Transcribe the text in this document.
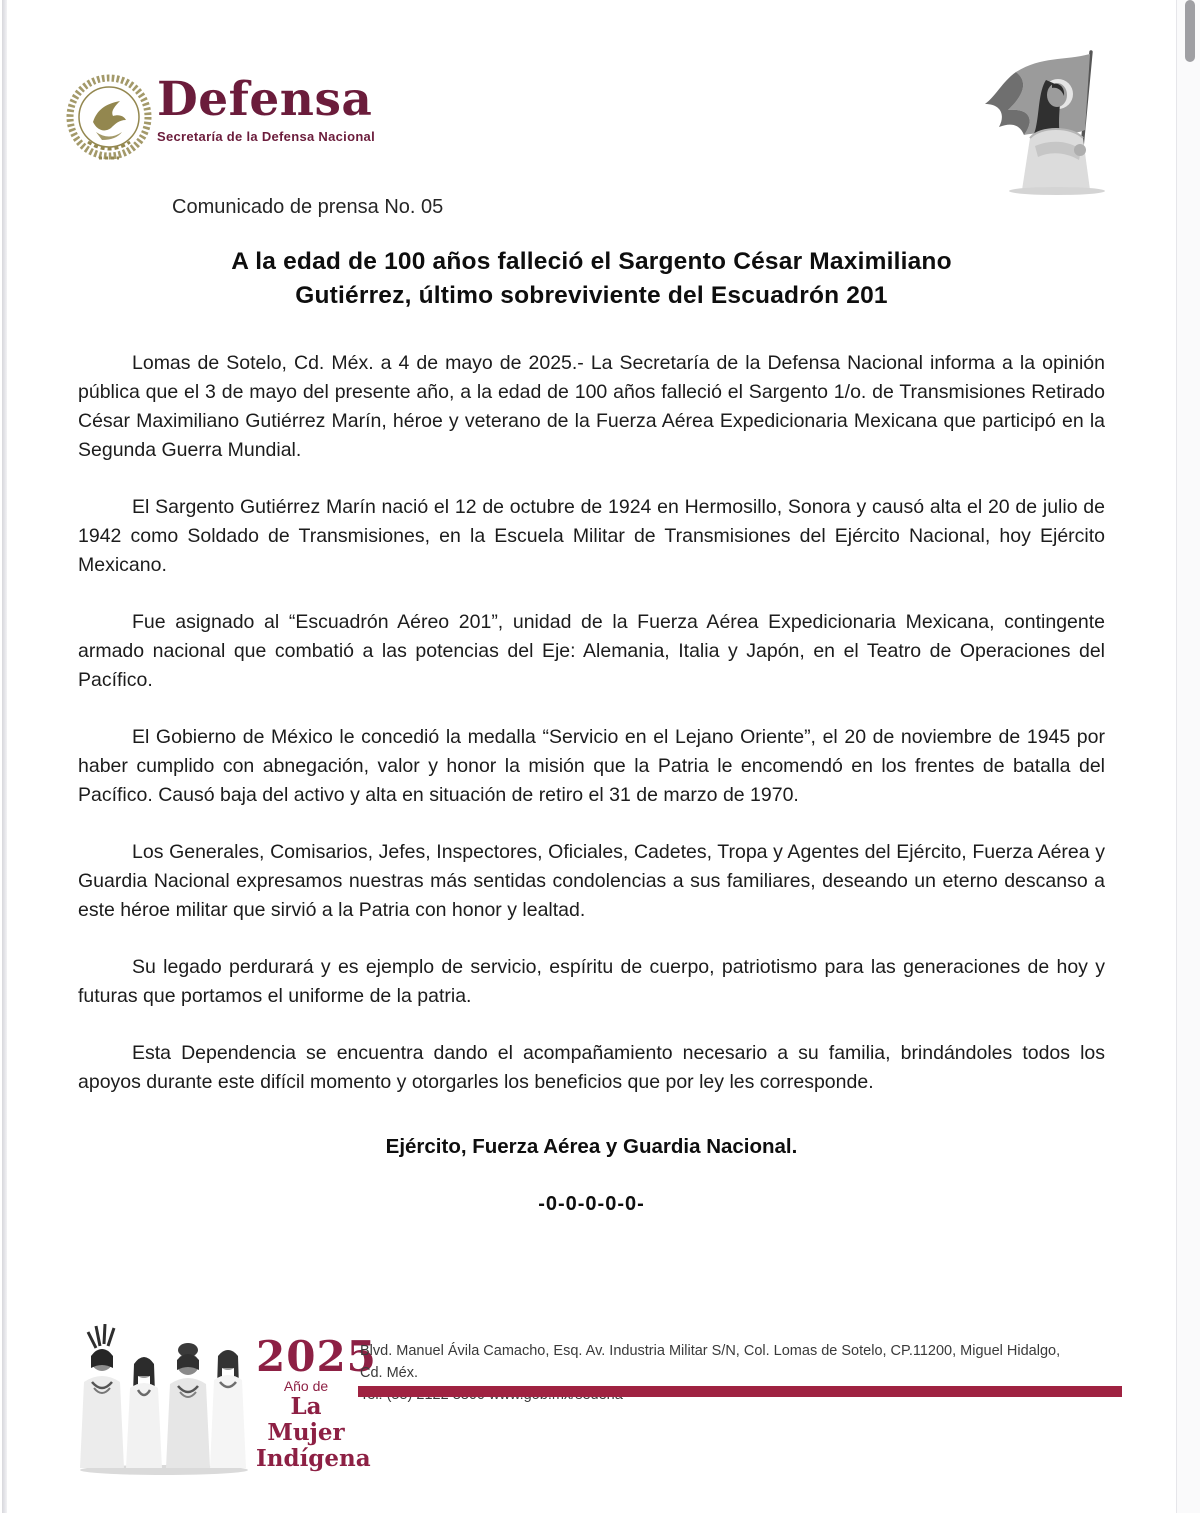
Defensa
Secretaría de la Defensa Nacional
Comunicado de prensa No. 05
A la edad de 100 años falleció el Sargento César Maximiliano
Gutiérrez, último sobreviviente del Escuadrón 201

Lomas de Sotelo, Cd. Méx. a 4 de mayo de 2025.- La Secretaría de la Defensa Nacional informa a la opinión pública que el 3 de mayo del presente año, a la edad de 100 años falleció el Sargento 1/o. de Transmisiones Retirado César Maximiliano Gutiérrez Marín, héroe y veterano de la Fuerza Aérea Expedicionaria Mexicana que participó en la Segunda Guerra Mundial.

El Sargento Gutiérrez Marín nació el 12 de octubre de 1924 en Hermosillo, Sonora y causó alta el 20 de julio de 1942 como Soldado de Transmisiones, en la Escuela Militar de Transmisiones del Ejército Nacional, hoy Ejército Mexicano.

Fue asignado al “Escuadrón Aéreo 201”, unidad de la Fuerza Aérea Expedicionaria Mexicana, contingente armado nacional que combatió a las potencias del Eje: Alemania, Italia y Japón, en el Teatro de Operaciones del Pacífico.

El Gobierno de México le concedió la medalla “Servicio en el Lejano Oriente”, el 20 de noviembre de 1945 por haber cumplido con abnegación, valor y honor la misión que la Patria le encomendó en los frentes de batalla del Pacífico. Causó baja del activo y alta en situación de retiro el 31 de marzo de 1970.

Los Generales, Comisarios, Jefes, Inspectores, Oficiales, Cadetes, Tropa y Agentes del Ejército, Fuerza Aérea y Guardia Nacional expresamos nuestras más sentidas condolencias a sus familiares, deseando un eterno descanso a este héroe militar que sirvió a la Patria con honor y lealtad.

Su legado perdurará y es ejemplo de servicio, espíritu de cuerpo, patriotismo para las generaciones de hoy y futuras que portamos el uniforme de la patria.

Esta Dependencia se encuentra dando el acompañamiento necesario a su familia, brindándoles todos los apoyos durante este difícil momento y otorgarles los beneficios que por ley les corresponde.

Ejército, Fuerza Aérea y Guardia Nacional.
-0-0-0-0-0-
2025
Año de
La Mujer
Indígena
Blvd. Manuel Ávila Camacho, Esq. Av. Industria Militar S/N, Col. Lomas de Sotelo, CP.11200, Miguel Hidalgo, Cd. Méx.
